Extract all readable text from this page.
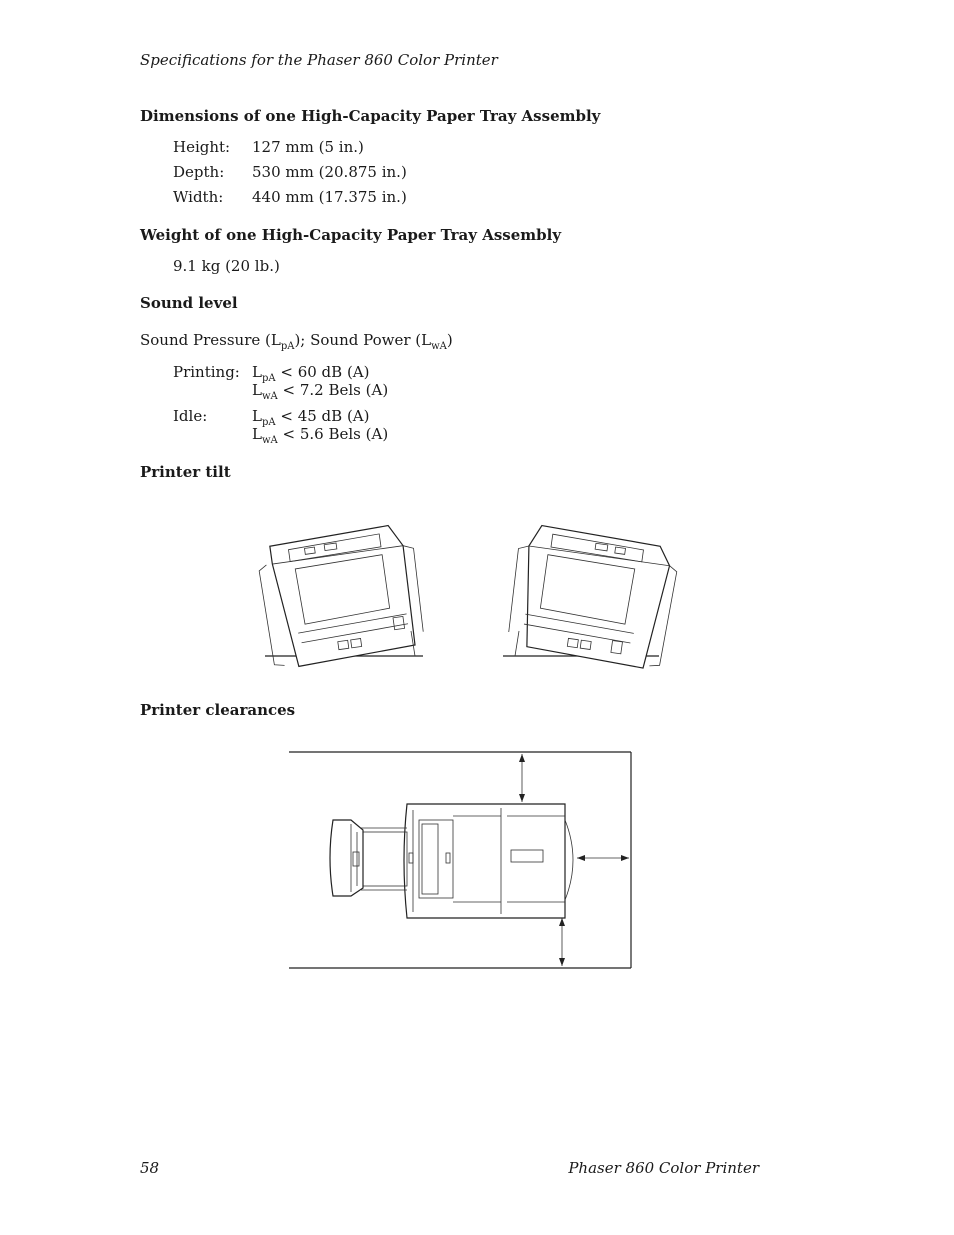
Specifications for the Phaser 860 Color Printer
Dimensions of one High-Capacity Paper Tray Assembly
Height: 127 mm (5 in.)
Depth: 530 mm (20.875 in.)
Width: 440 mm (17.375 in.)
Weight of one High-Capacity Paper Tray Assembly
9.1 kg (20 lb.)
Sound level
Sound Pressure $(L_{pA})$; Sound Power $(L_{wA})$
Printing: $L_{pA} < 60$ dB (A)
$L_{wA} < 7.2$ Bels (A)
Idle:	$L_{pA} < 45$ dB (A)
$L_{wA} < 5.6$ Bels (A)
Printer tilt
Printer clearances
58	Phaser 860 Color Printer
